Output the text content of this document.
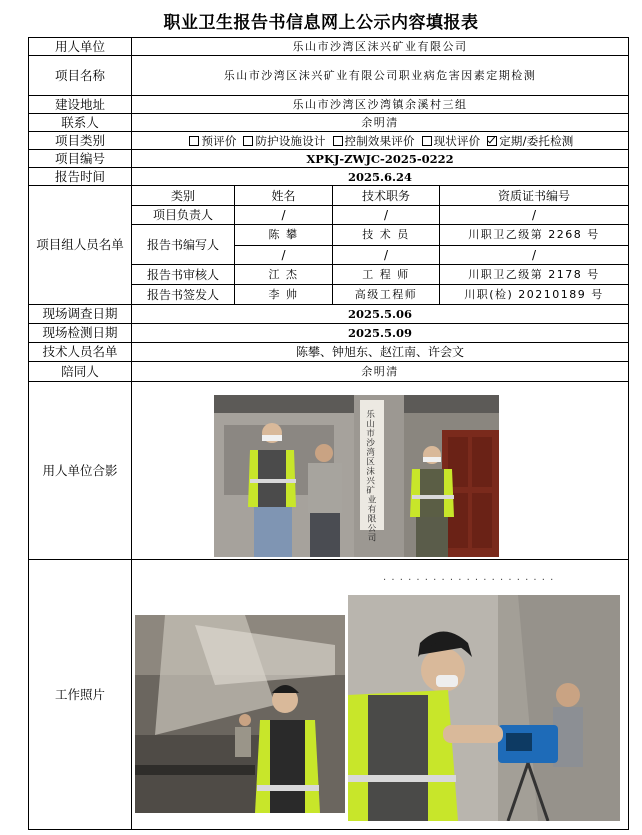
职业卫生报告书信息网上公示内容填报表
用人单位	乐山市沙湾区沫兴矿业有限公司			
项目名称	乐山市沙湾区沫兴矿业有限公司职业病危害因素定期检测			
建设地址	乐山市沙湾区沙湾镇余溪村三组			
联系人	余明清			
项目类别	预评价 防护设施设计 控制效果评价 现状评价 定期/委托检测			
项目编号	XPKJ-ZWJC-2025-0222			
报告时间	2025.6.24			
项目组人员名单	类别	姓名	技术职务	资质证书编号
	项目负责人	/	/	/
	报告书编写人	陈 攀	技 术 员	川职卫乙级第 2268 号
		/	/	/
	报告书审核人	江 杰	工 程 师	川职卫乙级第 2178 号
	报告书签发人	李 帅	高级工程师	川职(检) 20210189 号
现场调查日期	2025.5.06			
现场检测日期	2025.5.09			
技术人员名单	陈攀、钟旭东、赵江南、许会文			
陪同人	余明清			
用人单位合影				
工作照片				
· · · · · · · · · · · · · · · · · · · · ·
乐 山 市 沙 湾 区 沫 兴 矿 业有限公司
